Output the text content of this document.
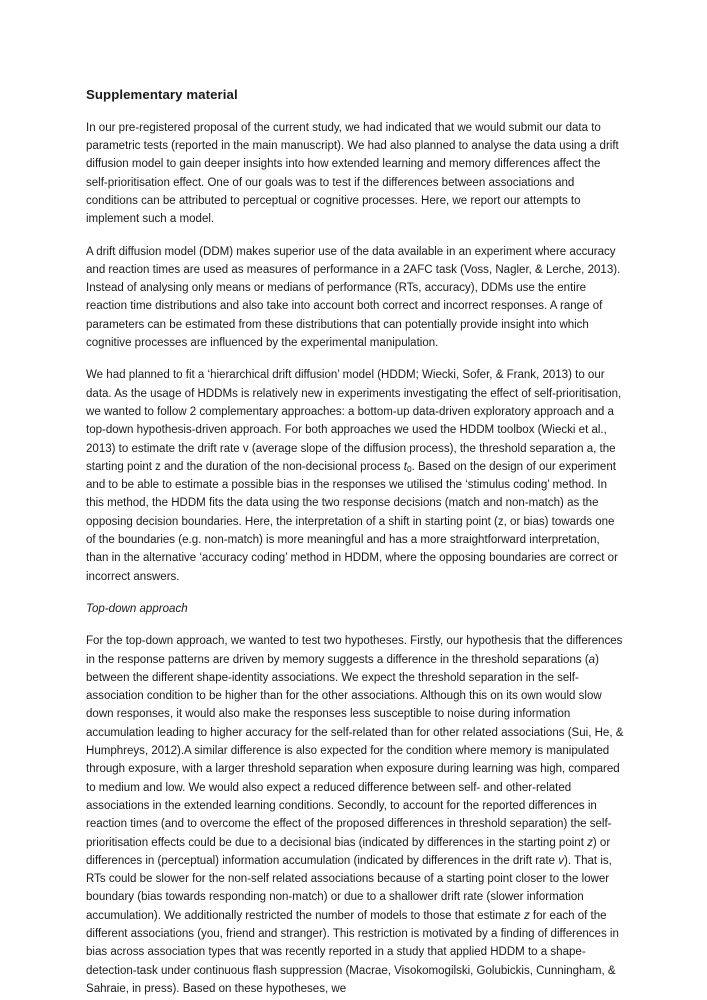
Supplementary material

In our pre-registered proposal of the current study, we had indicated that we would submit our data to parametric tests (reported in the main manuscript). We had also planned to analyse the data using a drift diffusion model to gain deeper insights into how extended learning and memory differences affect the self-prioritisation effect. One of our goals was to test if the differences between associations and conditions can be attributed to perceptual or cognitive processes. Here, we report our attempts to implement such a model.

A drift diffusion model (DDM) makes superior use of the data available in an experiment where accuracy and reaction times are used as measures of performance in a 2AFC task (Voss, Nagler, & Lerche, 2013). Instead of analysing only means or medians of performance (RTs, accuracy), DDMs use the entire reaction time distributions and also take into account both correct and incorrect responses. A range of parameters can be estimated from these distributions that can potentially provide insight into which cognitive processes are influenced by the experimental manipulation.

We had planned to fit a ‘hierarchical drift diffusion’ model (HDDM; Wiecki, Sofer, & Frank, 2013) to our data. As the usage of HDDMs is relatively new in experiments investigating the effect of self-prioritisation, we wanted to follow 2 complementary approaches: a bottom-up data-driven exploratory approach and a top-down hypothesis-driven approach. For both approaches we used the HDDM toolbox (Wiecki et al., 2013) to estimate the drift rate v (average slope of the diffusion process), the threshold separation a, the starting point z and the duration of the non-decisional process $t_0$. Based on the design of our experiment and to be able to estimate a possible bias in the responses we utilised the ‘stimulus coding’ method. In this method, the HDDM fits the data using the two response decisions (match and non-match) as the opposing decision boundaries. Here, the interpretation of a shift in starting point (z, or bias) towards one of the boundaries (e.g. non-match) is more meaningful and has a more straightforward interpretation, than in the alternative ‘accuracy coding’ method in HDDM, where the opposing boundaries are correct or incorrect answers.

Top-down approach

For the top-down approach, we wanted to test two hypotheses. Firstly, our hypothesis that the differences in the response patterns are driven by memory suggests a difference in the threshold separations (a) between the different shape-identity associations. We expect the threshold separation in the self-association condition to be higher than for the other associations. Although this on its own would slow down responses, it would also make the responses less susceptible to noise during information accumulation leading to higher accuracy for the self-related than for other related associations (Sui, He, & Humphreys, 2012).A similar difference is also expected for the condition where memory is manipulated through exposure, with a larger threshold separation when exposure during learning was high, compared to medium and low. We would also expect a reduced difference between self- and other-related associations in the extended learning conditions. Secondly, to account for the reported differences in reaction times (and to overcome the effect of the proposed differences in threshold separation) the self-prioritisation effects could be due to a decisional bias (indicated by differences in the starting point z) or differences in (perceptual) information accumulation (indicated by differences in the drift rate v). That is, RTs could be slower for the non-self related associations because of a starting point closer to the lower boundary (bias towards responding non-match) or due to a shallower drift rate (slower information accumulation). We additionally restricted the number of models to those that estimate z for each of the different associations (you, friend and stranger). This restriction is motivated by a finding of differences in bias across association types that was recently reported in a study that applied HDDM to a shape-detection-task under continuous flash suppression (Macrae, Visokomogilski, Golubickis, Cunningham, & Sahraie, in press). Based on these hypotheses, we
